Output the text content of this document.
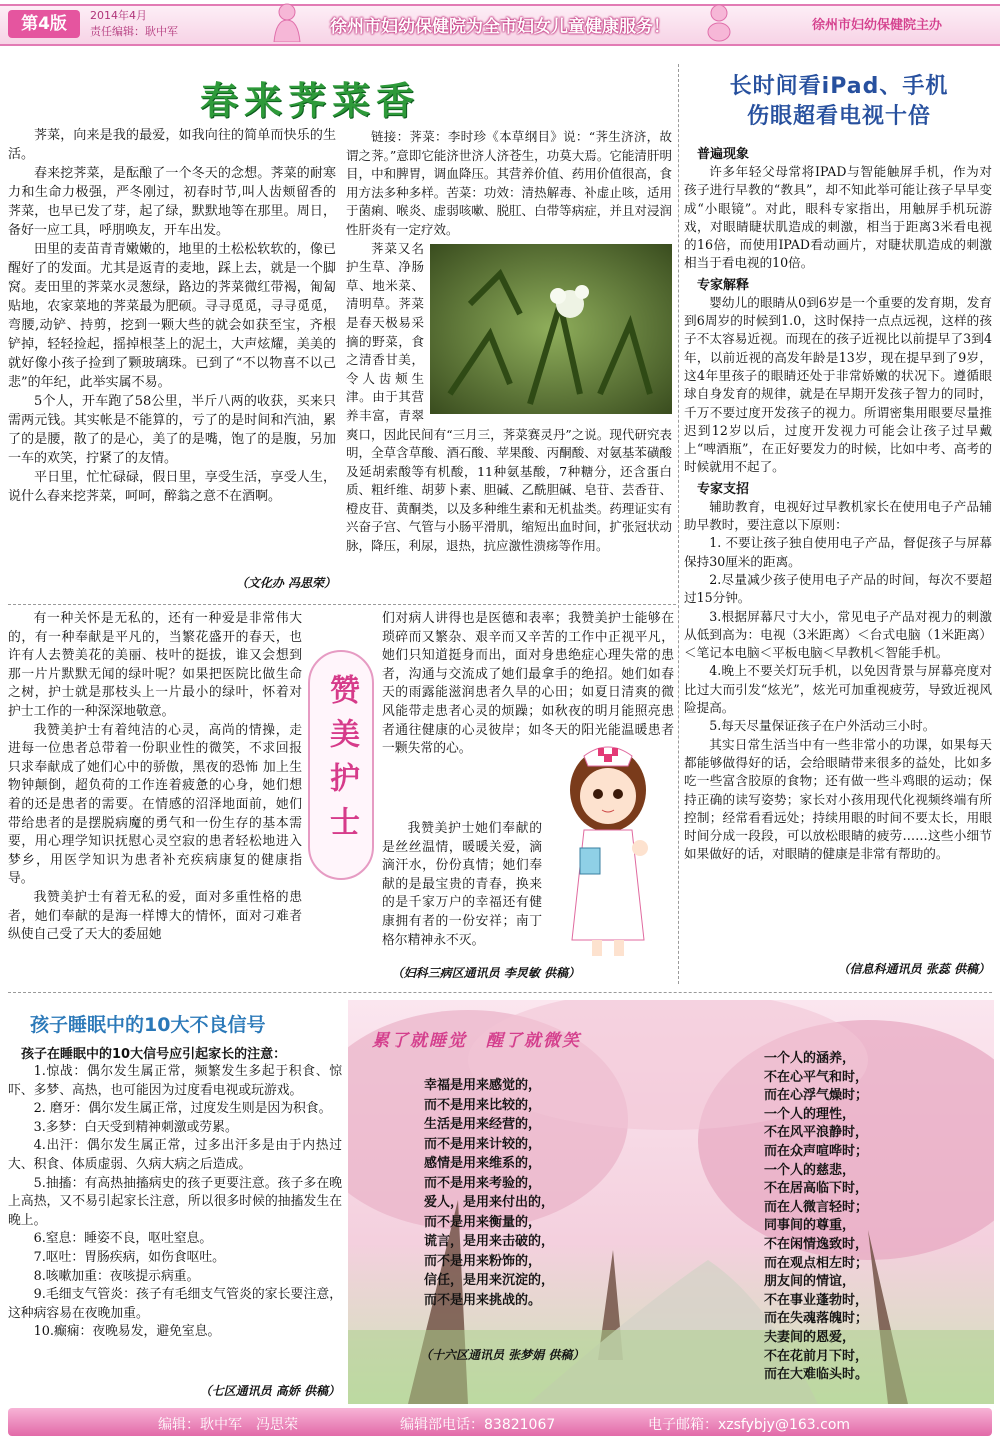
第4版	2014年4月
责任编辑：耿中军	徐州市妇幼保健院为全市妇女儿童健康服务！	徐州市妇幼保健院主办
春来荠菜香

荠菜，向来是我的最爱，如我向往的简单而快乐的生活。

春来挖荠菜，是酝酿了一个冬天的念想。荠菜的耐寒力和生命力极强，严冬刚过，初春时节,叫人齿颊留香的荠菜，也早已发了芽，起了绿，默默地等在那里。周日，备好一应工具，呼朋唤友，开车出发。

田里的麦苗青青嫩嫩的，地里的土松松软软的，像已醒好了的发面。尤其是返青的麦地，踩上去，就是一个脚窝。麦田里的荠菜水灵葱绿，路边的荠菜微红带褐，匍匐贴地，农家菜地的荠菜最为肥硕。寻寻觅觅，寻寻觅觅，弯腰,动铲、持剪，挖到一颗大些的就会如获至宝，齐根铲掉，轻轻捡起，摇掉根茎上的泥土，大声炫耀，美美的就好像小孩子捡到了颗玻璃珠。已到了“不以物喜不以己悲”的年纪，此举实属不易。

5个人，开车跑了58公里，半斤八两的收获，买来只需两元钱。其实帐是不能算的，亏了的是时间和汽油，累了的是腰，散了的是心，美了的是嘴，饱了的是腹，另加一车的欢笑，拧紧了的友情。

平日里，忙忙碌碌，假日里，享受生活，享受人生，说什么春来挖荠菜，呵呵，醉翁之意不在酒啊。

链接：荠菜：李时珍《本草纲目》说：“荠生济济，故谓之荠。”意即它能济世济人济苍生，功莫大焉。它能清肝明目，中和脾胃，调血降压。其营养价值、药用价值很高，食用方法多种多样。苦菜：功效：清热解毒、补虚止咳，适用于菌痢、喉炎、虚弱咳嗽、脱肛、白带等病症，并且对浸润性肝炎有一定疗效。

荠菜又名护生草、净肠草、地米菜、清明草。荠菜是春天极易采摘的野菜，食之清香甘美，令人齿颊生津。由于其营养丰富，青翠爽口，因此民间有“三月三，荠菜赛灵丹”之说。现代研究表明，全草含草酸、酒石酸、苹果酸、丙酮酸、对氨基苯磺酸及延胡索酸等有机酸，11种氨基酸，7种糖分，还含蛋白质、粗纤维、胡萝卜素、胆碱、乙酰胆碱、皂苷、芸香苷、橙皮苷、黄酮类，以及多种维生素和无机盐类。药理证实有兴奋子宫、气管与小肠平滑肌，缩短出血时间，扩张冠状动脉，降压，利尿，退热，抗应激性溃疡等作用。

（文化办 冯思荣）
长时间看iPad、手机
伤眼超看电视十倍
普遍现象

许多年轻父母常将IPAD与智能触屏手机，作为对孩子进行早教的“教具”，却不知此举可能让孩子早早变成“小眼镜”。对此，眼科专家指出，用触屏手机玩游戏，对眼睛睫状肌造成的刺激，相当于距离3米看电视的16倍，而使用IPAD看动画片，对睫状肌造成的刺激相当于看电视的10倍。

专家解释

婴幼儿的眼睛从0到6岁是一个重要的发育期，发育到6周岁的时候到1.0，这时保持一点点远视，这样的孩子不太容易近视。而现在的孩子近视比以前提早了3到4年，以前近视的高发年龄是13岁，现在提早到了9岁，这4年里孩子的眼睛还处于非常娇嫩的状况下。遵循眼球自身发育的规律，就是在早期开发孩子智力的同时，千万不要过度开发孩子的视力。所谓密集用眼要尽量推迟到12岁以后，过度开发视力可能会让孩子过早戴上“啤酒瓶”，在正好要发力的时候，比如中考、高考的时候就用不起了。

专家支招

辅助教育，电视好过早教机家长在使用电子产品辅助早教时，要注意以下原则：

1. 不要让孩子独自使用电子产品，督促孩子与屏幕保持30厘米的距离。

2.尽量减少孩子使用电子产品的时间，每次不要超过15分钟。

3.根据屏幕尺寸大小，常见电子产品对视力的刺激从低到高为：电视（3米距离）＜台式电脑（1米距离）＜笔记本电脑＜平板电脑＜早教机＜智能手机。

4.晚上不要关灯玩手机，以免因背景与屏幕亮度对比过大而引发“炫光”，炫光可加重视疲劳，导致近视风险提高。

5.每天尽量保证孩子在户外活动三小时。

其实日常生活当中有一些非常小的功课，如果每天都能够做得好的话，会给眼睛带来很多的益处，比如多吃一些富含胶原的食物；还有做一些斗鸡眼的运动；保持正确的读写姿势；家长对小孩用现代化视频终端有所控制；经常看看远处；持续用眼的时间不要太长，用眼时间分成一段段，可以放松眼睛的疲劳……这些小细节如果做好的话，对眼睛的健康是非常有帮助的。

（信息科通讯员 张蕊 供稿）

有一种关怀是无私的，还有一种爱是非常伟大的，有一种奉献是平凡的，当繁花盛开的春天，也许有人去赞美花的美丽、枝叶的挺拔，谁又会想到那一片片默默无闻的绿叶呢？如果把医院比做生命之树，护士就是那枝头上一片最小的绿叶，怀着对护士工作的一种深深地敬意。

我赞美护士有着纯洁的心灵，高尚的情操，走进每一位患者总带着一份职业性的微笑，不求回报只求奉献成了她们心中的骄傲，黑夜的恐怖 加上生物钟颠倒，超负荷的工作连着疲惫的心身，她们想着的还是患者的需要。在情感的沼泽地面前，她们带给患者的是摆脱病魔的勇气和一份生存的基本需要，用心理学知识抚慰心灵空寂的患者轻松地进入梦乡，用医学知识为患者补充疾病康复的健康指导。

我赞美护士有着无私的爱，面对多重性格的患者，她们奉献的是海一样博大的情怀，面对刁难者纵使自己受了天大的委屈她

赞美护士

们对病人讲得也是医德和表率；我赞美护士能够在琐碎而又繁杂、艰辛而又辛苦的工作中正视平凡，她们只知道挺身而出，面对身患绝症心理失常的患者，沟通与交流成了她们最拿手的绝招。她们如春天的雨露能滋润患者久旱的心田；如夏日清爽的微风能带走患者心灵的烦躁；如秋夜的明月能照亮患者通往健康的心灵彼岸；如冬天的阳光能温暖患者一颗失常的心。

我赞美护士她们奉献的是丝丝温情，暖暖关爱，滴滴汗水，份份真情；她们奉献的是最宝贵的青春，换来的是千家万户的幸福还有健康拥有者的一份安祥；南丁格尔精神永不灭。

（妇科三病区通讯员 李炅敏 供稿）
孩子睡眠中的10大不良信号
孩子在睡眠中的10大信号应引起家长的注意：

1.惊战：偶尔发生属正常，频繁发生多起于积食、惊吓、多梦、高热，也可能因为过度看电视或玩游戏。

2. 磨牙：偶尔发生属正常，过度发生则是因为积食。

3.多梦：白天受到精神刺激或劳累。

4.出汗：偶尔发生属正常，过多出汗多是由于内热过大、积食、体质虚弱、久病大病之后造成。

5.抽搐：有高热抽搐病史的孩子更要注意。孩子多在晚上高热，又不易引起家长注意，所以很多时候的抽搐发生在晚上。

6.窒息：睡姿不良，呕吐窒息。

7.呕吐：胃肠疾病，如伤食呕吐。

8.咳嗽加重：夜咳提示病重。

9.毛细支气管炎：孩子有毛细支气管炎的家长要注意，这种病容易在夜晚加重。

10.癫痫：夜晚易发，避免室息。

（七区通讯员 高娇 供稿）
累了就睡觉　醒了就微笑
幸福是用来感觉的，
而不是用来比较的，
生活是用来经营的，
而不是用来计较的，
感情是用来维系的，
而不是用来考验的，
爱人，是用来付出的，
而不是用来衡量的，
谎言，是用来击破的，
而不是用来粉饰的，
信任，是用来沉淀的，
而不是用来挑战的。
（十六区通讯员 张梦娟 供稿）
一个人的涵养，
不在心平气和时，
而在心浮气燥时；
一个人的理性，
不在风平浪静时，
而在众声喧哗时；
一个人的慈悲，
不在居高临下时，
而在人微言轻时；
同事间的尊重，
不在闲情逸致时，
而在观点相左时；
朋友间的情谊，
不在事业蓬勃时，
而在失魂落魄时；
夫妻间的恩爱，
不在花前月下时，
而在大难临头时。
编辑：耿中军　冯思荣	编辑部电话：83821067	电子邮箱：xzsfybjy@163.com
